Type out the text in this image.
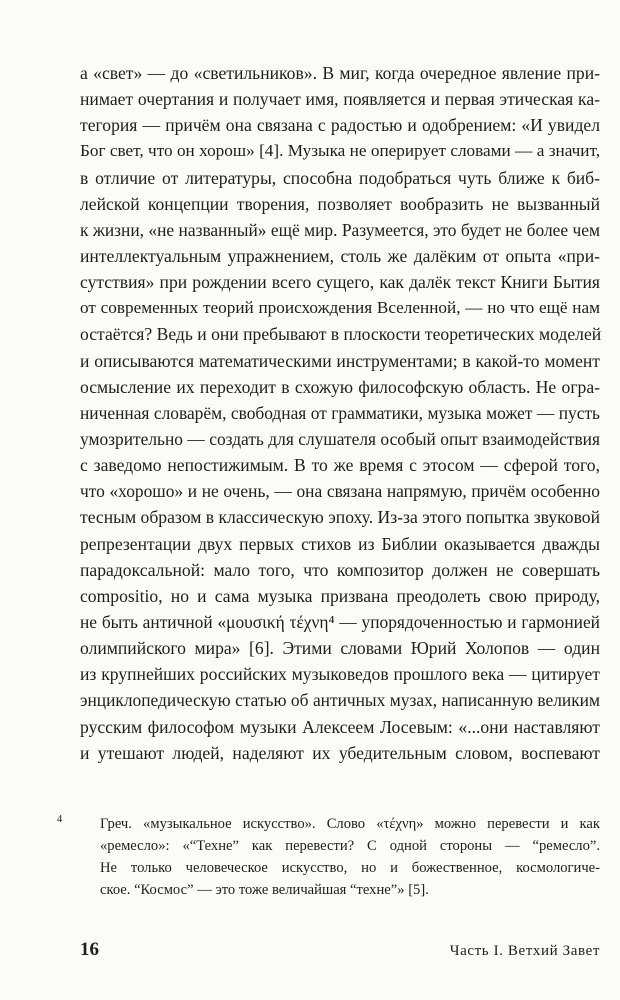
а «свет» — до «светильников». В миг, когда очередное явление при-
нимает очертания и получает имя, появляется и первая этическая ка-
тегория — причём она связана с радостью и одобрением: «И увидел
Бог свет, что он хорош» [4]. Музыка не оперирует словами — а значит,
в отличие от литературы, способна подобраться чуть ближе к биб-
лейской концепции творения, позволяет вообразить не вызванный
к жизни, «не названный» ещё мир. Разумеется, это будет не более чем
интеллектуальным упражнением, столь же далёким от опыта «при-
сутствия» при рождении всего сущего, как далёк текст Книги Бытия
от современных теорий происхождения Вселенной, — но что ещё нам
остаётся? Ведь и они пребывают в плоскости теоретических моделей
и описываются математическими инструментами; в какой-то момент
осмысление их переходит в схожую философскую область. Не огра-
ниченная словарём, свободная от грамматики, музыка может — пусть
умозрительно — создать для слушателя особый опыт взаимодействия
с заведомо непостижимым. В то же время с этосом — сферой того,
что «хорошо» и не очень, — она связана напрямую, причём особенно
тесным образом в классическую эпоху. Из-за этого попытка звуковой
репрезентации двух первых стихов из Библии оказывается дважды
парадоксальной: мало того, что композитор должен не совершать
compositio, но и сама музыка призвана преодолеть свою природу,
не быть античной «μουσική τέχνη⁴ — упорядоченностью и гармонией
олимпийского мира» [6]. Этими словами Юрий Холопов — один
из крупнейших российских музыковедов прошлого века — цитирует
энциклопедическую статью об античных музах, написанную великим
русским философом музыки Алексеем Лосевым: «...они наставляют
и утешают людей, наделяют их убедительным словом, воспевают
4	Греч. «музыкальное искусство». Слово «τέχνη» можно перевести и как
«ремесло»: «“Техне” как перевести? С одной стороны — “ремесло”.
Не только человеческое искусство, но и божественное, космологиче-
ское. “Космос” — это тоже величайшая “техне”» [5].
16	Часть I. Ветхий Завет
